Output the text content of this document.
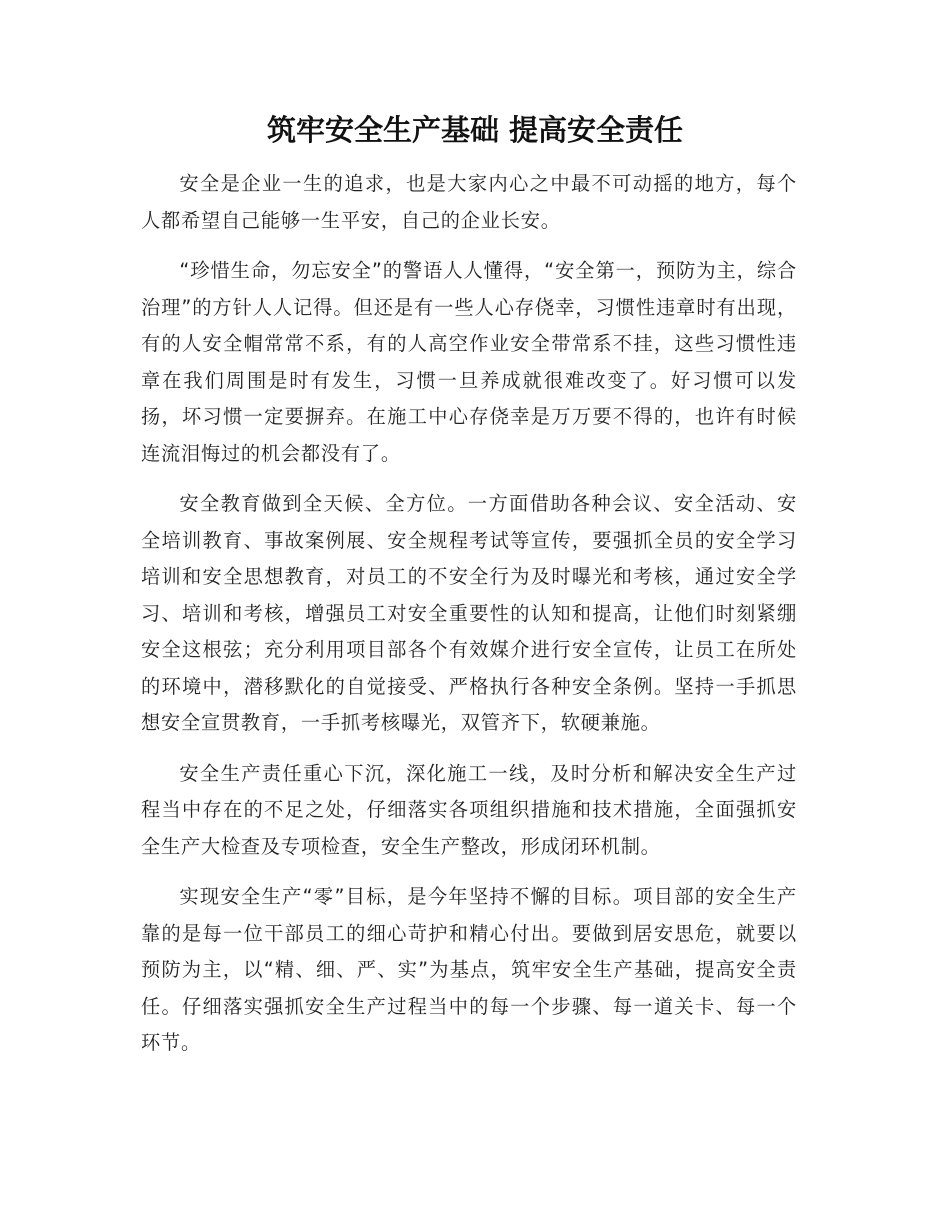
筑牢安全生产基础 提高安全责任

安全是企业一生的追求，也是大家内心之中最不可动摇的地方，每个人都希望自己能够一生平安，自己的企业长安。

“珍惜生命，勿忘安全”的警语人人懂得，“安全第一，预防为主，综合治理”的方针人人记得。但还是有一些人心存侥幸，习惯性违章时有出现，有的人安全帽常常不系，有的人高空作业安全带常系不挂，这些习惯性违章在我们周围是时有发生，习惯一旦养成就很难改变了。好习惯可以发扬，坏习惯一定要摒弃。在施工中心存侥幸是万万要不得的，也许有时候连流泪悔过的机会都没有了。

安全教育做到全天候、全方位。一方面借助各种会议、安全活动、安全培训教育、事故案例展、安全规程考试等宣传，要强抓全员的安全学习培训和安全思想教育，对员工的不安全行为及时曝光和考核，通过安全学习、培训和考核，增强员工对安全重要性的认知和提高，让他们时刻紧绷安全这根弦；充分利用项目部各个有效媒介进行安全宣传，让员工在所处的环境中，潜移默化的自觉接受、严格执行各种安全条例。坚持一手抓思想安全宣贯教育，一手抓考核曝光，双管齐下，软硬兼施。

安全生产责任重心下沉，深化施工一线，及时分析和解决安全生产过程当中存在的不足之处，仔细落实各项组织措施和技术措施，全面强抓安全生产大检查及专项检查，安全生产整改，形成闭环机制。

实现安全生产“零”目标，是今年坚持不懈的目标。项目部的安全生产靠的是每一位干部员工的细心苛护和精心付出。要做到居安思危，就要以预防为主，以“精、细、严、实”为基点，筑牢安全生产基础，提高安全责任。仔细落实强抓安全生产过程当中的每一个步骤、每一道关卡、每一个环节。
